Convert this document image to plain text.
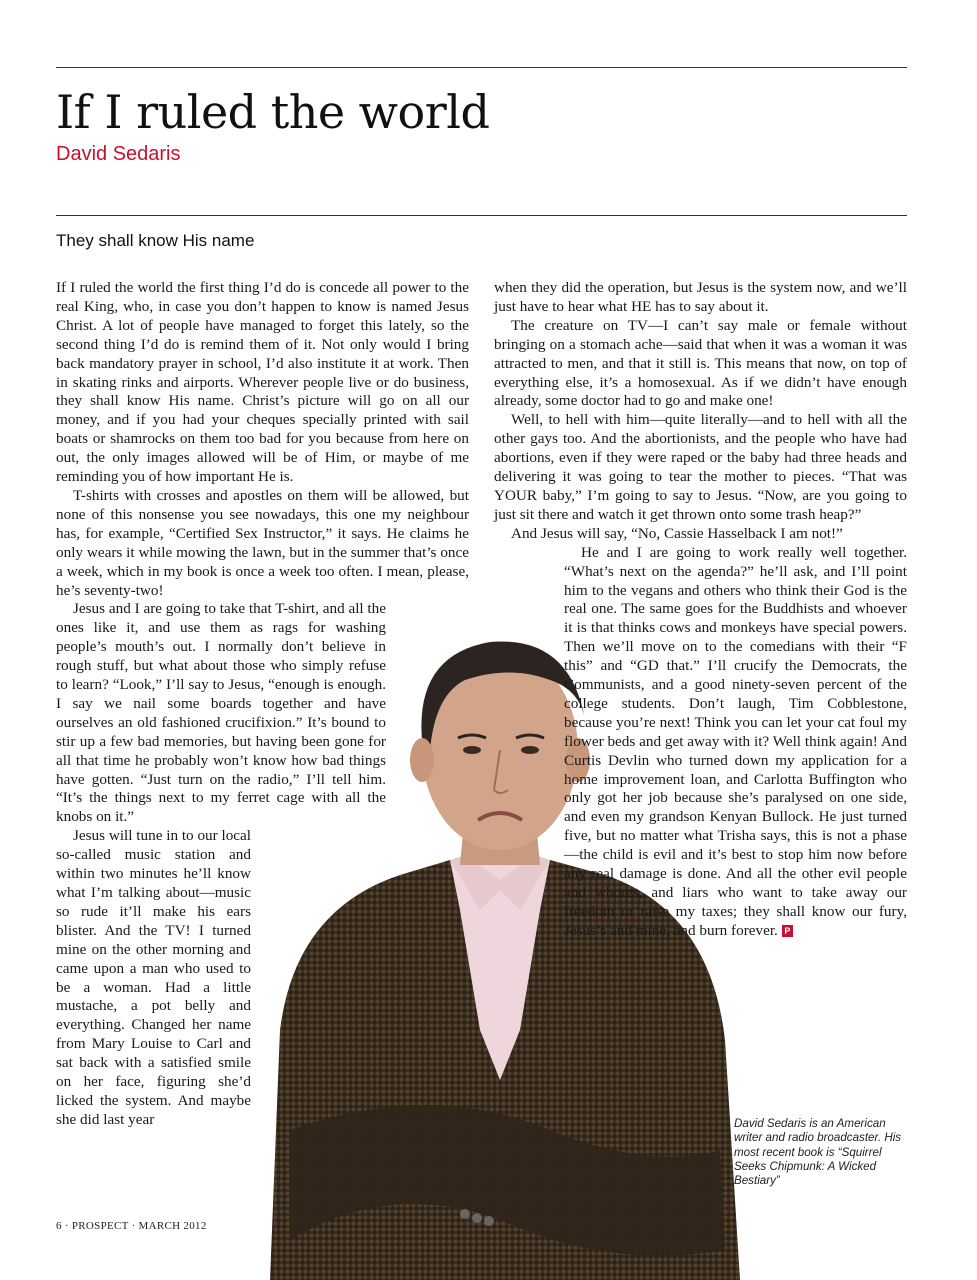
If I ruled the world
David Sedaris
They shall know His name

If I ruled the world the first thing I’d do is concede all power to the real King, who, in case you don’t happen to know is named Jesus Christ. A lot of people have managed to forget this lately, so the second thing I’d do is remind them of it. Not only would I bring back mandatory prayer in school, I’d also institute it at work. Then in skating rinks and airports. Wherever people live or do business, they shall know His name. Christ’s picture will go on all our money, and if you had your cheques specially printed with sail boats or shamrocks on them too bad for you because from here on out, the only images allowed will be of Him, or maybe of me reminding you of how important He is.

T-shirts with crosses and apostles on them will be allowed, but none of this nonsense you see nowadays, this one my neighbour has, for example, “Certified Sex Instructor,” it says. He claims he only wears it while mowing the lawn, but in the summer that’s once a week, which in my book is once a week too often. I mean, please, he’s seventy-two!

Jesus and I are going to take that T-shirt, and all the ones like it, and use them as rags for washing people’s mouth’s out. I normally don’t believe in rough stuff, but what about those who simply refuse to learn? “Look,” I’ll say to Jesus, “enough is enough. I say we nail some boards together and have ourselves an old fashioned crucifixion.” It’s bound to stir up a few bad memories, but having been gone for all that time he probably won’t know how bad things have gotten. “Just turn on the radio,” I’ll tell him. “It’s the things next to my ferret cage with all the knobs on it.”

Jesus will tune in to our local so-called music station and within two minutes he’ll know what I’m talking about—music so rude it’ll make his ears blister. And the TV! I turned mine on the other morning and came upon a man who used to be a woman. Had a little mustache, a pot belly and everything. Changed her name from Mary Louise to Carl and sat back with a satisfied smile on her face, figuring she’d licked the system. And maybe she did last year

when they did the operation, but Jesus is the system now, and we’ll just have to hear what HE has to say about it.

The creature on TV—I can’t say male or female without bringing on a stomach ache—said that when it was a woman it was attracted to men, and that it still is. This means that now, on top of everything else, it’s a homosexual. As if we didn’t have enough already, some doctor had to go and make one!

Well, to hell with him—quite literally—and to hell with all the other gays too. And the abortionists, and the people who have had abortions, even if they were raped or the baby had three heads and delivering it was going to tear the mother to pieces. “That was YOUR baby,” I’m going to say to Jesus. “Now, are you going to just sit there and watch it get thrown onto some trash heap?”

And Jesus will say, “No, Cassie Hasselback I am not!”

He and I are going to work really well together. “What’s next on the agenda?” he’ll ask, and I’ll point him to the vegans and others who think their God is the real one. The same goes for the Buddhists and whoever it is that thinks cows and monkeys have special powers. Then we’ll move on to the comedians with their “F this” and “GD that.” I’ll crucify the Democrats, the Communists, and a good ninety-seven percent of the college students. Don’t laugh, Tim Cobblestone, because you’re next! Think you can let your cat foul my flower beds and get away with it? Well think again! And Curtis Devlin who turned down my application for a home improvement loan, and Carlotta Buffington who only got her job because she’s paralysed on one side, and even my grandson Kenyan Bullock. He just turned five, but no matter what Trisha says, this is not a phase—the child is evil and it’s best to stop him now before any real damage is done. And all the other evil people and whores, and liars who want to take away our freedom or raise my taxes; they shall know our fury, Jesus’s and mine, and burn forever. P

David Sedaris is an American writer and radio broadcaster. His most recent book is “Squirrel Seeks Chipmunk: A Wicked Bestiary”
6 · PROSPECT · MARCH 2012
